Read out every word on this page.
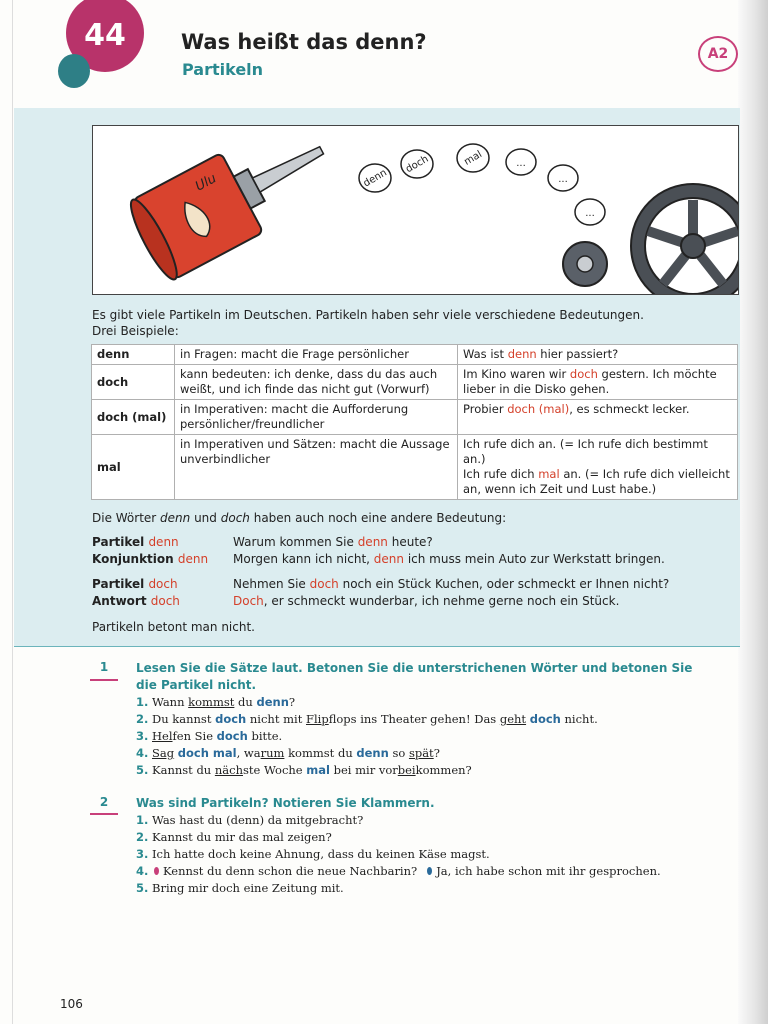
44	Was heißt das denn?
Partikeln
A2
Ulu	denn
doch	mal	...
...
...
Es gibt viele Partikeln im Deutschen. Partikeln haben sehr viele verschiedene Bedeutungen.
Drei Beispiele:
denn	in Fragen: macht die Frage persönlicher	Was ist denn hier passiert?
doch	kann bedeuten: ich denke, dass du das auch weißt, und ich finde das nicht gut (Vorwurf)	Im Kino waren wir doch gestern. Ich möchte lieber in die Disko gehen.
doch (mal)	in Imperativen: macht die Aufforderung persönlicher/freundlicher	Probier doch (mal), es schmeckt lecker.
mal	in Imperativen und Sätzen: macht die Aussage unverbindlicher	Ich rufe dich an. (= Ich rufe dich bestimmt an.)
Ich rufe dich mal an. (= Ich rufe dich vielleicht an, wenn ich Zeit und Lust habe.)
Die Wörter denn und doch haben auch noch eine andere Bedeutung:
Partikel denn	Warum kommen Sie denn heute?
Konjunktion denn	Morgen kann ich nicht, denn ich muss mein Auto zur Werkstatt bringen.
Partikel doch	Nehmen Sie doch noch ein Stück Kuchen, oder schmeckt er Ihnen nicht?
Antwort doch	Doch, er schmeckt wunderbar, ich nehme gerne noch ein Stück.
Partikeln betont man nicht.
1	Lesen Sie die Sätze laut. Betonen Sie die unterstrichenen Wörter und betonen Sie
die Partikel nicht.
1. Wann kommst du denn?
2. Du kannst doch nicht mit Flipflops ins Theater gehen! Das geht doch nicht.
3. Helfen Sie doch bitte.
4. Sag doch mal, warum kommst du denn so spät?
5. Kannst du nächste Woche mal bei mir vorbeikommen?
2	Was sind Partikeln? Notieren Sie Klammern.
1. Was hast du (denn) da mitgebracht?
2. Kannst du mir das mal zeigen?
3. Ich hatte doch keine Ahnung, dass du keinen Käse magst.
4. Kennst du denn schon die neue Nachbarin? Ja, ich habe schon mit ihr gesprochen.
5. Bring mir doch eine Zeitung mit.
106
